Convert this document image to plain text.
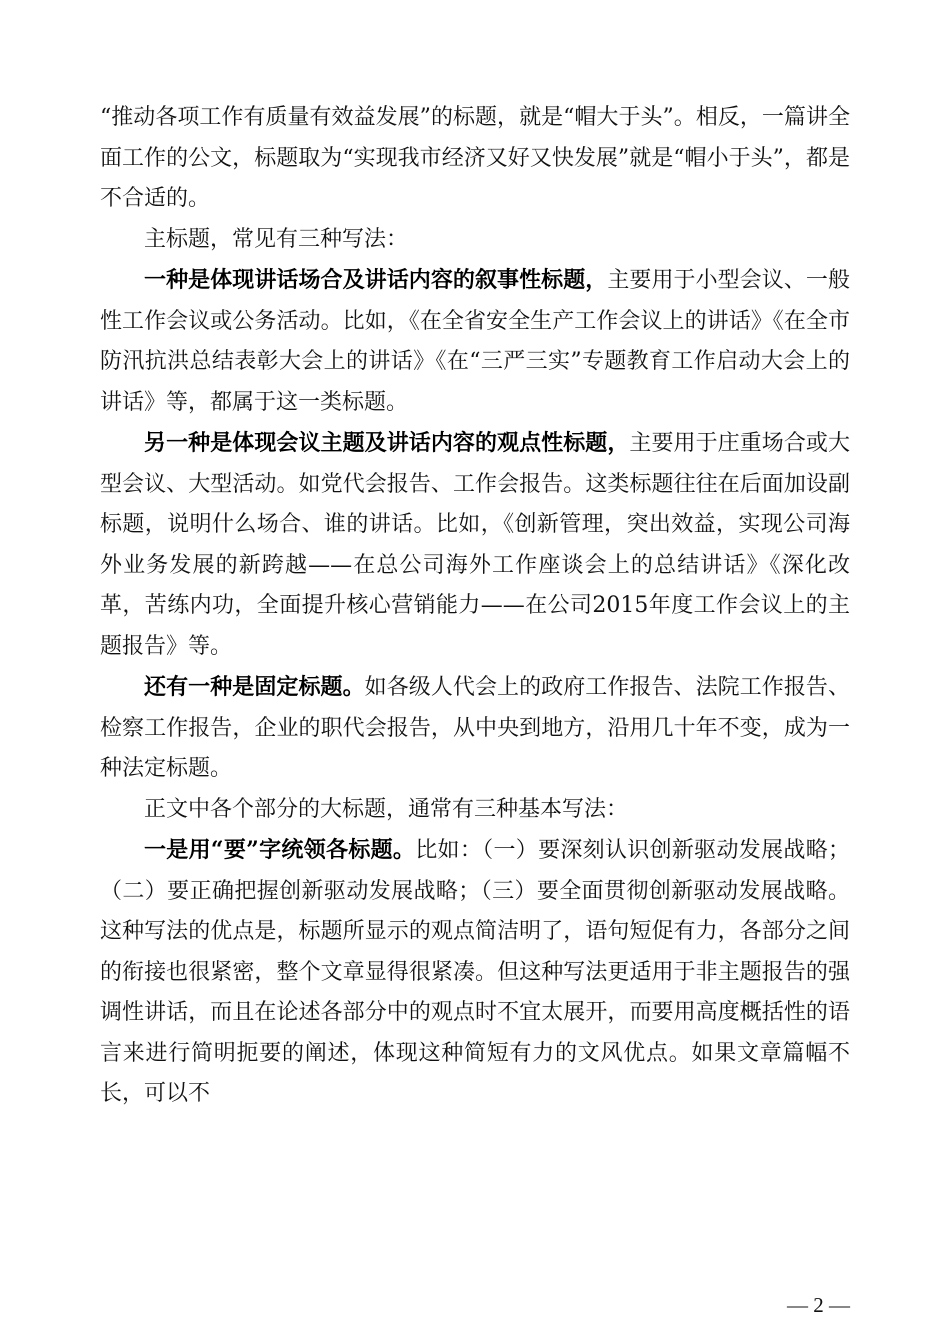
“推动各项工作有质量有效益发展”的标题，就是“帽大于头”。相反，一篇讲全面工作的公文，标题取为“实现我市经济又好又快发展”就是“帽小于头”，都是不合适的。

主标题，常见有三种写法：

一种是体现讲话场合及讲话内容的叙事性标题，主要用于小型会议、一般性工作会议或公务活动。比如，《在全省安全生产工作会议上的讲话》《在全市防汛抗洪总结表彰大会上的讲话》《在“三严三实”专题教育工作启动大会上的讲话》等，都属于这一类标题。

另一种是体现会议主题及讲话内容的观点性标题，主要用于庄重场合或大型会议、大型活动。如党代会报告、工作会报告。这类标题往往在后面加设副标题，说明什么场合、谁的讲话。比如，《创新管理，突出效益，实现公司海外业务发展的新跨越——在总公司海外工作座谈会上的总结讲话》《深化改革，苦练内功，全面提升核心营销能力——在公司2015年度工作会议上的主题报告》等。

还有一种是固定标题。如各级人代会上的政府工作报告、法院工作报告、检察工作报告，企业的职代会报告，从中央到地方，沿用几十年不变，成为一种法定标题。

正文中各个部分的大标题，通常有三种基本写法：

一是用“要”字统领各标题。比如：（一）要深刻认识创新驱动发展战略；（二）要正确把握创新驱动发展战略；（三）要全面贯彻创新驱动发展战略。这种写法的优点是，标题所显示的观点简洁明了，语句短促有力，各部分之间的衔接也很紧密，整个文章显得很紧凑。但这种写法更适用于非主题报告的强调性讲话，而且在论述各部分中的观点时不宜太展开，而要用高度概括性的语言来进行简明扼要的阐述，体现这种简短有力的文风优点。如果文章篇幅不长，可以不

— 2 —
